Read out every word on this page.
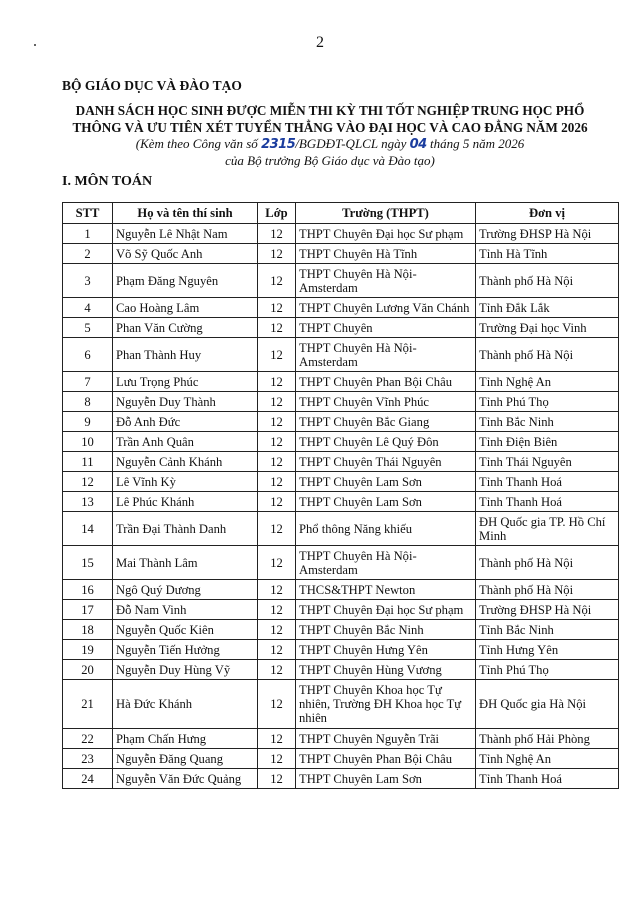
2
BỘ GIÁO DỤC VÀ ĐÀO TẠO
DANH SÁCH HỌC SINH ĐƯỢC MIỄN THI KỲ THI TỐT NGHIỆP TRUNG HỌC PHỔ
THÔNG VÀ ƯU TIÊN XÉT TUYỂN THẲNG VÀO ĐẠI HỌC VÀ CAO ĐẲNG NĂM 2026
(Kèm theo Công văn số 2315/BGDĐT-QLCL ngày 04 tháng 5 năm 2026
của Bộ trưởng Bộ Giáo dục và Đào tạo)
I. MÔN TOÁN
STT	Họ và tên thí sinh	Lớp	Trường (THPT)	Đơn vị
1	Nguyễn Lê Nhật Nam	12	THPT Chuyên Đại học Sư phạm	Trường ĐHSP Hà Nội
2	Võ Sỹ Quốc Anh	12	THPT Chuyên Hà Tĩnh	Tỉnh Hà Tĩnh
3	Phạm Đăng Nguyên	12	THPT Chuyên Hà Nội-Amsterdam	Thành phố Hà Nội
4	Cao Hoàng Lâm	12	THPT Chuyên Lương Văn Chánh	Tỉnh Đắk Lắk
5	Phan Văn Cường	12	THPT Chuyên	Trường Đại học Vinh
6	Phan Thành Huy	12	THPT Chuyên Hà Nội-Amsterdam	Thành phố Hà Nội
7	Lưu Trọng Phúc	12	THPT Chuyên Phan Bội Châu	Tỉnh Nghệ An
8	Nguyễn Duy Thành	12	THPT Chuyên Vĩnh Phúc	Tỉnh Phú Thọ
9	Đỗ Anh Đức	12	THPT Chuyên Bắc Giang	Tỉnh Bắc Ninh
10	Trần Anh Quân	12	THPT Chuyên Lê Quý Đôn	Tỉnh Điện Biên
11	Nguyễn Cảnh Khánh	12	THPT Chuyên Thái Nguyên	Tỉnh Thái Nguyên
12	Lê Vĩnh Kỳ	12	THPT Chuyên Lam Sơn	Tỉnh Thanh Hoá
13	Lê Phúc Khánh	12	THPT Chuyên Lam Sơn	Tỉnh Thanh Hoá
14	Trần Đại Thành Danh	12	Phổ thông Năng khiếu	ĐH Quốc gia TP. Hồ Chí Minh
15	Mai Thành Lâm	12	THPT Chuyên Hà Nội-Amsterdam	Thành phố Hà Nội
16	Ngô Quý Dương	12	THCS&THPT Newton	Thành phố Hà Nội
17	Đỗ Nam Vinh	12	THPT Chuyên Đại học Sư phạm	Trường ĐHSP Hà Nội
18	Nguyễn Quốc Kiên	12	THPT Chuyên Bắc Ninh	Tỉnh Bắc Ninh
19	Nguyễn Tiến Hưởng	12	THPT Chuyên Hưng Yên	Tỉnh Hưng Yên
20	Nguyễn Duy Hùng Vỹ	12	THPT Chuyên Hùng Vương	Tỉnh Phú Thọ
21	Hà Đức Khánh	12	THPT Chuyên Khoa học Tự nhiên, Trường ĐH Khoa học Tự nhiên	ĐH Quốc gia Hà Nội
22	Phạm Chấn Hưng	12	THPT Chuyên Nguyễn Trãi	Thành phố Hải Phòng
23	Nguyễn Đăng Quang	12	THPT Chuyên Phan Bội Châu	Tỉnh Nghệ An
24	Nguyễn Văn Đức Quảng	12	THPT Chuyên Lam Sơn	Tỉnh Thanh Hoá
